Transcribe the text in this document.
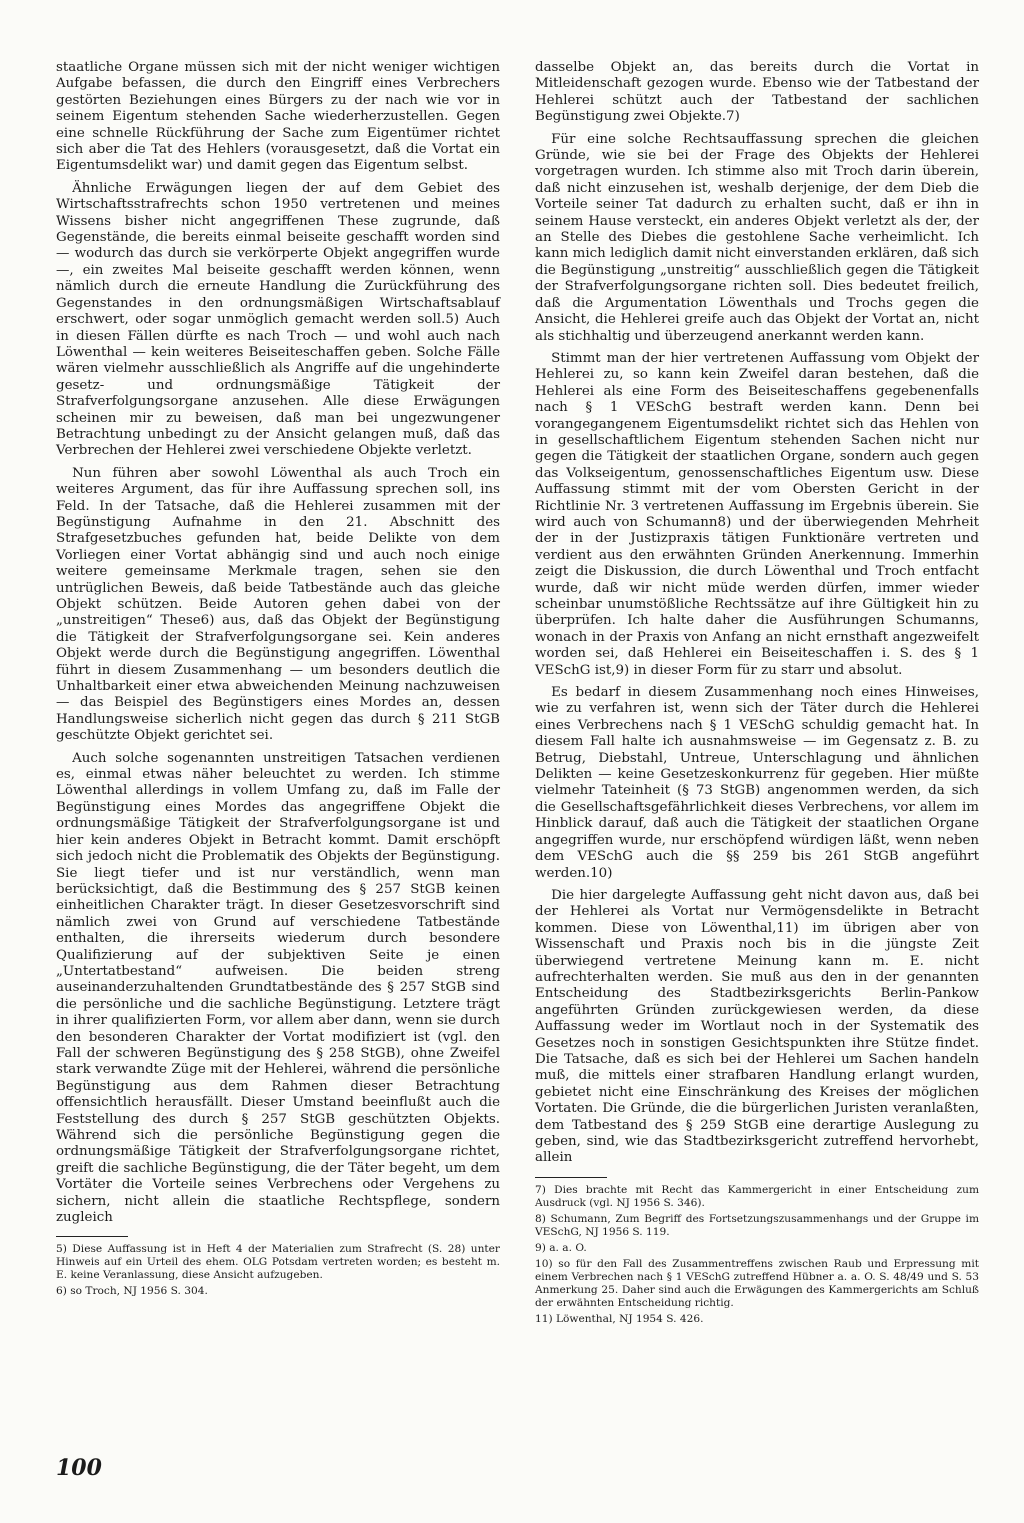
staatliche Organe müssen sich mit der nicht weniger wichtigen Aufgabe befassen, die durch den Eingriff eines Verbrechers gestörten Beziehungen eines Bürgers zu der nach wie vor in seinem Eigentum stehenden Sache wiederherzustellen. Gegen eine schnelle Rückführung der Sache zum Eigentümer richtet sich aber die Tat des Hehlers (vorausgesetzt, daß die Vortat ein Eigentumsdelikt war) und damit gegen das Eigentum selbst.

Ähnliche Erwägungen liegen der auf dem Gebiet des Wirtschaftsstrafrechts schon 1950 vertretenen und meines Wissens bisher nicht angegriffenen These zugrunde, daß Gegenstände, die bereits einmal beiseite geschafft worden sind — wodurch das durch sie verkörperte Objekt angegriffen wurde —, ein zweites Mal beiseite geschafft werden können, wenn nämlich durch die erneute Handlung die Zurückführung des Gegenstandes in den ordnungsmäßigen Wirtschaftsablauf erschwert, oder sogar unmöglich gemacht werden soll.5) Auch in diesen Fällen dürfte es nach Troch — und wohl auch nach Löwenthal — kein weiteres Beiseiteschaffen geben. Solche Fälle wären vielmehr ausschließlich als Angriffe auf die ungehinderte gesetz- und ordnungsmäßige Tätigkeit der Strafverfolgungsorgane anzusehen. Alle diese Erwägungen scheinen mir zu beweisen, daß man bei ungezwungener Betrachtung unbedingt zu der Ansicht gelangen muß, daß das Verbrechen der Hehlerei zwei verschiedene Objekte verletzt.

Nun führen aber sowohl Löwenthal als auch Troch ein weiteres Argument, das für ihre Auffassung sprechen soll, ins Feld. In der Tatsache, daß die Hehlerei zusammen mit der Begünstigung Aufnahme in den 21. Abschnitt des Strafgesetzbuches gefunden hat, beide Delikte von dem Vorliegen einer Vortat abhängig sind und auch noch einige weitere gemeinsame Merkmale tragen, sehen sie den untrüglichen Beweis, daß beide Tatbestände auch das gleiche Objekt schützen. Beide Autoren gehen dabei von der „unstreitigen“ These6) aus, daß das Objekt der Begünstigung die Tätigkeit der Strafverfolgungsorgane sei. Kein anderes Objekt werde durch die Begünstigung angegriffen. Löwenthal führt in diesem Zusammenhang — um besonders deutlich die Unhaltbarkeit einer etwa abweichenden Meinung nachzuweisen — das Beispiel des Begünstigers eines Mordes an, dessen Handlungsweise sicherlich nicht gegen das durch § 211 StGB geschützte Objekt gerichtet sei.

Auch solche sogenannten unstreitigen Tatsachen verdienen es, einmal etwas näher beleuchtet zu werden. Ich stimme Löwenthal allerdings in vollem Umfang zu, daß im Falle der Begünstigung eines Mordes das angegriffene Objekt die ordnungsmäßige Tätigkeit der Strafverfolgungsorgane ist und hier kein anderes Objekt in Betracht kommt. Damit erschöpft sich jedoch nicht die Problematik des Objekts der Begünstigung. Sie liegt tiefer und ist nur verständlich, wenn man berücksichtigt, daß die Bestimmung des § 257 StGB keinen einheitlichen Charakter trägt. In dieser Gesetzesvorschrift sind nämlich zwei von Grund auf verschiedene Tatbestände enthalten, die ihrerseits wiederum durch besondere Qualifizierung auf der subjektiven Seite je einen „Untertatbestand“ aufweisen. Die beiden streng auseinanderzuhaltenden Grundtatbestände des § 257 StGB sind die persönliche und die sachliche Begünstigung. Letztere trägt in ihrer qualifizierten Form, vor allem aber dann, wenn sie durch den besonderen Charakter der Vortat modifiziert ist (vgl. den Fall der schweren Begünstigung des § 258 StGB), ohne Zweifel stark verwandte Züge mit der Hehlerei, während die persönliche Begünstigung aus dem Rahmen dieser Betrachtung offensichtlich herausfällt. Dieser Umstand beeinflußt auch die Feststellung des durch § 257 StGB geschützten Objekts. Während sich die persönliche Begünstigung gegen die ordnungsmäßige Tätigkeit der Strafverfolgungsorgane richtet, greift die sachliche Begünstigung, die der Täter begeht, um dem Vortäter die Vorteile seines Verbrechens oder Vergehens zu sichern, nicht allein die staatliche Rechtspflege, sondern zugleich

5) Diese Auffassung ist in Heft 4 der Materialien zum Strafrecht (S. 28) unter Hinweis auf ein Urteil des ehem. OLG Potsdam vertreten worden; es besteht m. E. keine Veranlassung, diese Ansicht aufzugeben.
6) so Troch, NJ 1956 S. 304.

dasselbe Objekt an, das bereits durch die Vortat in Mitleidenschaft gezogen wurde. Ebenso wie der Tatbestand der Hehlerei schützt auch der Tatbestand der sachlichen Begünstigung zwei Objekte.7)

Für eine solche Rechtsauffassung sprechen die gleichen Gründe, wie sie bei der Frage des Objekts der Hehlerei vorgetragen wurden. Ich stimme also mit Troch darin überein, daß nicht einzusehen ist, weshalb derjenige, der dem Dieb die Vorteile seiner Tat dadurch zu erhalten sucht, daß er ihn in seinem Hause versteckt, ein anderes Objekt verletzt als der, der an Stelle des Diebes die gestohlene Sache verheimlicht. Ich kann mich lediglich damit nicht einverstanden erklären, daß sich die Begünstigung „unstreitig“ ausschließlich gegen die Tätigkeit der Strafverfolgungsorgane richten soll. Dies bedeutet freilich, daß die Argumentation Löwenthals und Trochs gegen die Ansicht, die Hehlerei greife auch das Objekt der Vortat an, nicht als stichhaltig und überzeugend anerkannt werden kann.

Stimmt man der hier vertretenen Auffassung vom Objekt der Hehlerei zu, so kann kein Zweifel daran bestehen, daß die Hehlerei als eine Form des Beiseiteschaffens gegebenenfalls nach § 1 VESchG bestraft werden kann. Denn bei vorangegangenem Eigentumsdelikt richtet sich das Hehlen von in gesellschaftlichem Eigentum stehenden Sachen nicht nur gegen die Tätigkeit der staatlichen Organe, sondern auch gegen das Volkseigentum, genossenschaftliches Eigentum usw. Diese Auffassung stimmt mit der vom Obersten Gericht in der Richtlinie Nr. 3 vertretenen Auffassung im Ergebnis überein. Sie wird auch von Schumann8) und der überwiegenden Mehrheit der in der Justizpraxis tätigen Funktionäre vertreten und verdient aus den erwähnten Gründen Anerkennung. Immerhin zeigt die Diskussion, die durch Löwenthal und Troch entfacht wurde, daß wir nicht müde werden dürfen, immer wieder scheinbar unumstößliche Rechtssätze auf ihre Gültigkeit hin zu überprüfen. Ich halte daher die Ausführungen Schumanns, wonach in der Praxis von Anfang an nicht ernsthaft angezweifelt worden sei, daß Hehlerei ein Beiseiteschaffen i. S. des § 1 VESchG ist,9) in dieser Form für zu starr und absolut.

Es bedarf in diesem Zusammenhang noch eines Hinweises, wie zu verfahren ist, wenn sich der Täter durch die Hehlerei eines Verbrechens nach § 1 VESchG schuldig gemacht hat. In diesem Fall halte ich ausnahmsweise — im Gegensatz z. B. zu Betrug, Diebstahl, Untreue, Unterschlagung und ähnlichen Delikten — keine Gesetzeskonkurrenz für gegeben. Hier müßte vielmehr Tateinheit (§ 73 StGB) angenommen werden, da sich die Gesellschaftsgefährlichkeit dieses Verbrechens, vor allem im Hinblick darauf, daß auch die Tätigkeit der staatlichen Organe angegriffen wurde, nur erschöpfend würdigen läßt, wenn neben dem VESchG auch die §§ 259 bis 261 StGB angeführt werden.10)

Die hier dargelegte Auffassung geht nicht davon aus, daß bei der Hehlerei als Vortat nur Vermögensdelikte in Betracht kommen. Diese von Löwenthal,11) im übrigen aber von Wissenschaft und Praxis noch bis in die jüngste Zeit überwiegend vertretene Meinung kann m. E. nicht aufrechterhalten werden. Sie muß aus den in der genannten Entscheidung des Stadtbezirksgerichts Berlin-Pankow angeführten Gründen zurückgewiesen werden, da diese Auffassung weder im Wortlaut noch in der Systematik des Gesetzes noch in sonstigen Gesichtspunkten ihre Stütze findet. Die Tatsache, daß es sich bei der Hehlerei um Sachen handeln muß, die mittels einer strafbaren Handlung erlangt wurden, gebietet nicht eine Einschränkung des Kreises der möglichen Vortaten. Die Gründe, die die bürgerlichen Juristen veranlaßten, dem Tatbestand des § 259 StGB eine derartige Auslegung zu geben, sind, wie das Stadtbezirksgericht zutreffend hervorhebt, allein

7) Dies brachte mit Recht das Kammergericht in einer Entscheidung zum Ausdruck (vgl. NJ 1956 S. 346).
8) Schumann, Zum Begriff des Fortsetzungszusammenhangs und der Gruppe im VESchG, NJ 1956 S. 119.
9) a. a. O.
10) so für den Fall des Zusammentreffens zwischen Raub und Erpressung mit einem Verbrechen nach § 1 VESchG zutreffend Hübner a. a. O. S. 48/49 und S. 53 Anmerkung 25. Daher sind auch die Erwägungen des Kammergerichts am Schluß der erwähnten Entscheidung richtig.
11) Löwenthal, NJ 1954 S. 426.
100
